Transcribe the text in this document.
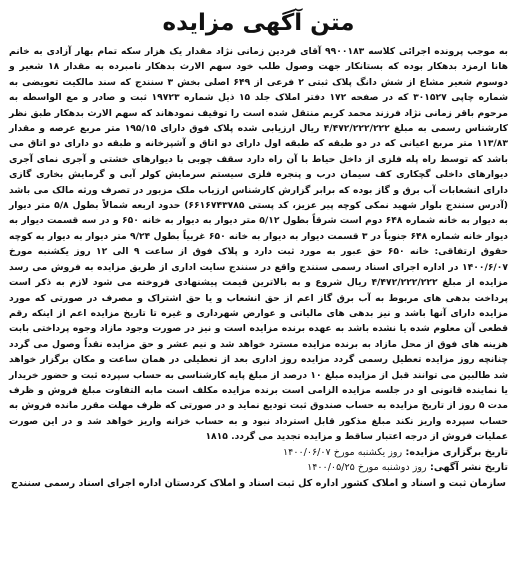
متن آگهی مزایده

به موجب پرونده اجرائی کلاسه ۹۹۰۰۱۸۳ آقای فردین زمانی نژاد مقدار یک هزار سکه تمام بهار آزادی به خانم هانا ارمزد بدهکار بوده که بستانکار جهت وصول طلب خود سهم الارث بدهکار نامبرده به مقدار ۱۸ شعیر و دوسوم شعیر مشاع از شش دانگ پلاک ثبتی ۲ فرعی از ۶۴۹ اصلی بخش ۳ سنندج که سند مالکیت تعویضی به شماره چاپی ۳۰۱۵۲۷ که در صفحه ۱۷۲ دفتر املاک جلد ۱۵ ذیل شماره ۱۹۷۲۳ ثبت و صادر و مع الواسطه به مرحوم باقر زمانی نژاد فرزند محمد کریم منتقل شده است را توقیف نمودهاند که سهم الارث بدهکار طبق نظر کارشناس رسمی به مبلغ ۴/۴۷۲/۲۲۲/۲۲۲ ریال ارزیابی شده پلاک فوق دارای ۱۹۵/۱۵ متر مربع عرصه و مقدار ۱۱۳/۸۳ متر مربع اعیانی که در دو طبقه که طبقه اول دارای دو اتاق و آشپزخانه و طبقه دو دارای دو اتاق می باشد که توسط راه پله فلزی از داخل حیاط با آن راه دارد سقف چوبی با دیوارهای خشتی و آجری نمای آجری دیوارهای داخلی گچکاری کف سیمان درب و پنجره فلزی سیستم سرمایش کولر آبی و گرمایش بخاری گازی دارای انشعابات آب برق و گاز بوده که برابر گزارش کارشناس ارزیاب ملک مزبور در تصرف ورثه مالک می باشد (آدرس سنندج بلوار شهید نمکی کوچه پیر عزیز، کد پستی ۶۶۱۶۷۴۳۷۸۵) حدود اربعه شمالاً بطول ۵/۸ متر دیوار به دیوار به خانه شماره ۶۴۸ دوم است شرقاً بطول ۵/۱۲ متر دیوار به دیوار به خانه ۶۵۰ و در سه قسمت دیوار به دیوار خانه شماره ۶۴۸ جنوباً در ۳ قسمت دیوار به دیوار به خانه ۶۵۰ غربیاً بطول ۹/۲۴ متر دیوار به دیوار به کوچه حقوق ارتفاقی: خانه ۶۵۰ حق عبور به مورد ثبت دارد و پلاک فوق از ساعت ۹ الی ۱۲ روز یکشنبه مورخ ۱۴۰۰/۶/۰۷ در اداره اجرای اسناد رسمی سنندج واقع در سنندج سایت اداری از طریق مزایده به فروش می رسد مزایده از مبلغ ۴/۴۷۲/۲۲۲/۲۲۲ ریال شروع و به بالاترین قیمت پیشنهادی فروخته می شود لازم به ذکر است پرداخت بدهی های مربوط به آب برق گاز اعم از حق انشعاب و یا حق اشتراک و مصرف در صورتی که مورد مزایده دارای آنها باشد و نیز بدهی های مالیاتی و عوارض شهرداری و غیره تا تاریخ مزایده اعم از اینکه رقم قطعی آن معلوم شده یا نشده باشد به عهده برنده مزایده است و نیز در صورت وجود مازاد وجوه پرداختی بابت هزینه های فوق از محل مازاد به برنده مزایده مسترد خواهد شد و نیم عشر و حق مزایده نقداً وصول می گردد چنانچه روز مزایده تعطیل رسمی گردد مزایده روز اداری بعد از تعطیلی در همان ساعت و مکان برگزار خواهد شد طالبین می توانند قبل از مزایده مبلغ ۱۰ درصد از مبلغ پایه کارشناسی به حساب سپرده ثبت و حضور خریدار یا نماینده قانونی او در جلسه مزایده الزامی است برنده مزایده مکلف است مابه التفاوت مبلغ فروش و ظرف مدت ۵ روز از تاریخ مزایده به حساب صندوق ثبت تودیع نماید و در صورتی که ظرف مهلت مقرر مانده فروش به حساب سپرده واریز نکند مبلغ مذکور قابل استرداد نبود و به حساب خزانه واریز خواهد شد و در این صورت عملیات فروش از درجه اعتبار ساقط و مزایده تجدید می گردد. ۱۸۱۵

تاریخ برگزاری مزایده: روز یکشنبه مورخ ۱۴۰۰/۰۶/۰۷

تاریخ نشر آگهی: روز دوشنبه مورخ ۱۴۰۰/۰۵/۲۵

سازمان ثبت و اسناد و املاک کشور اداره کل ثبت اسناد و املاک کردستان اداره اجرای اسناد رسمی سنندج
